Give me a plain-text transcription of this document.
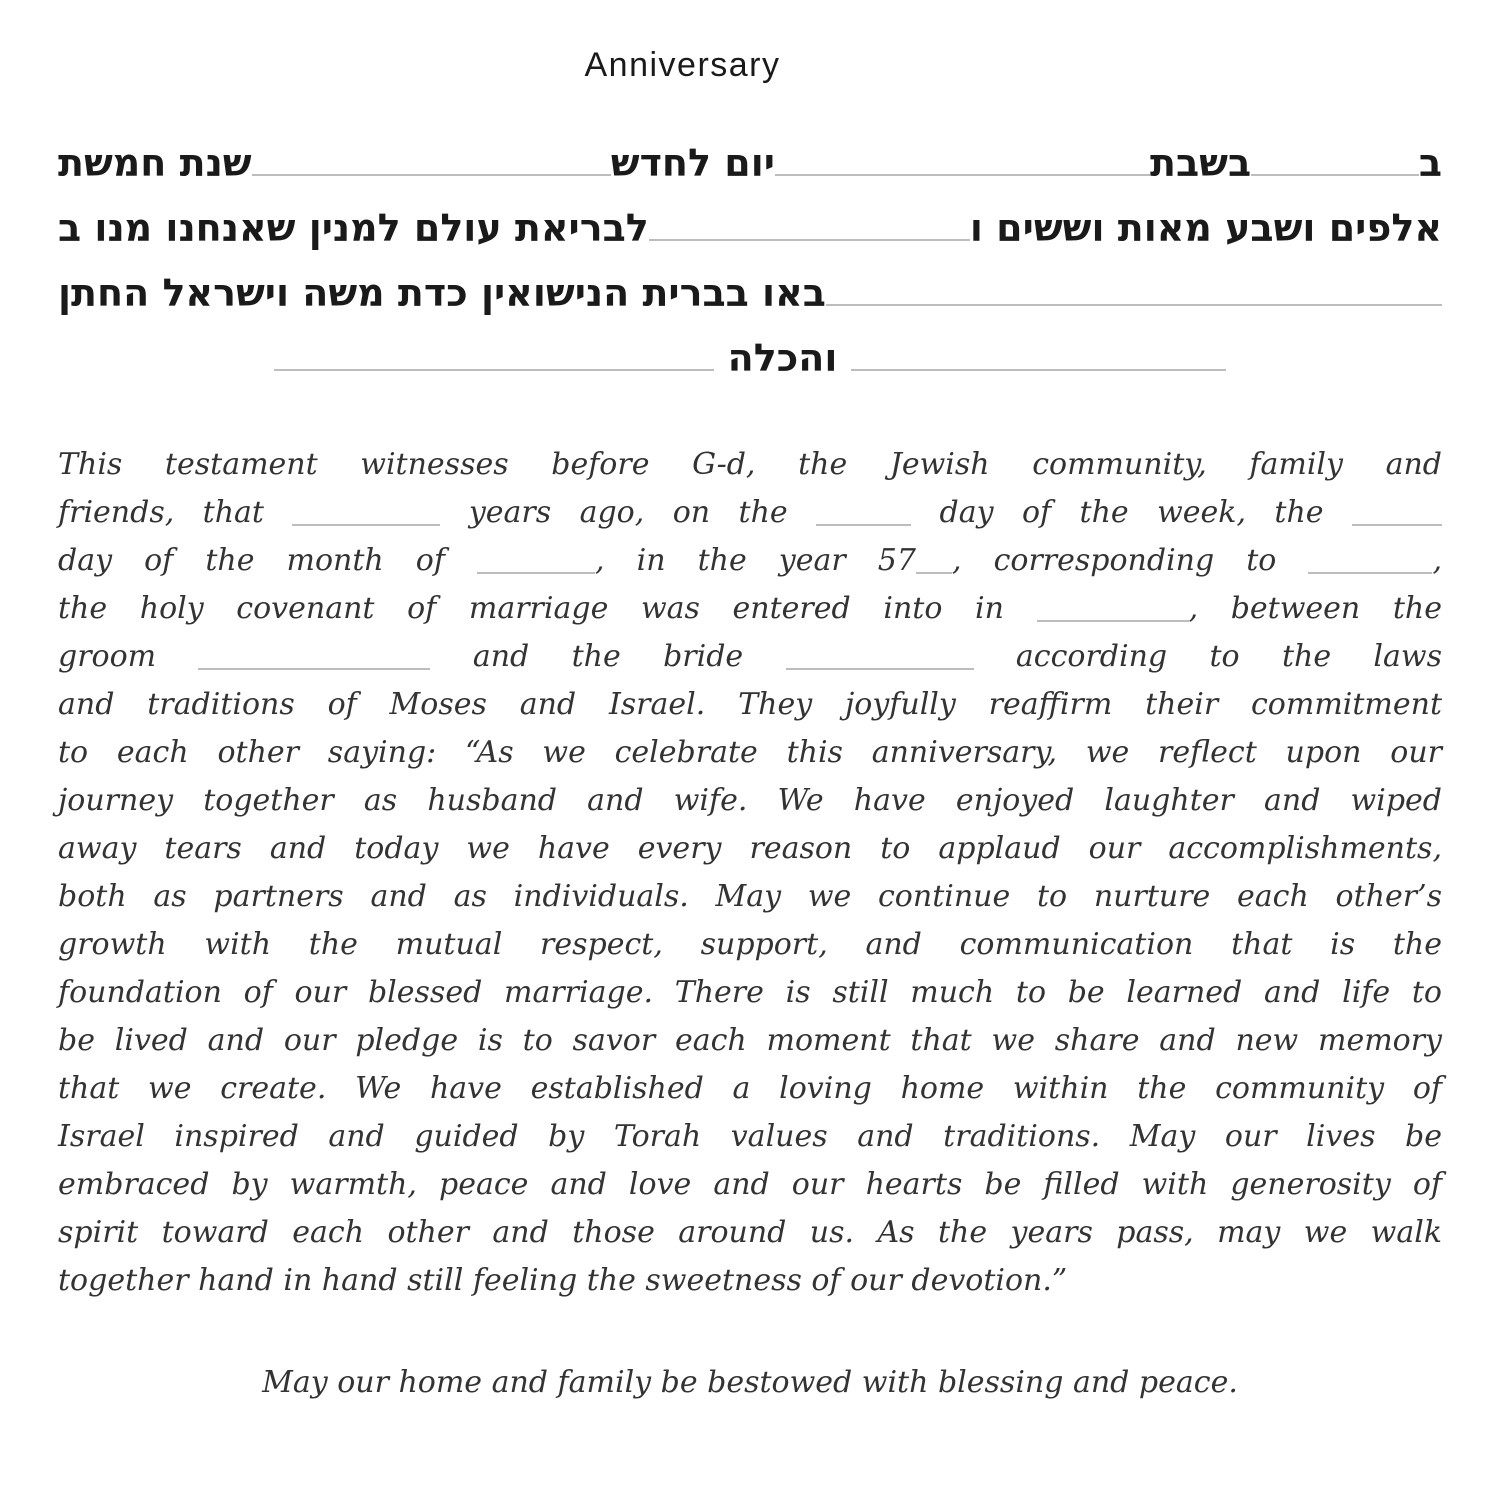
Anniversary
ב
בשבת
יום לחדש
שנת חמשת
אלפים ושבע מאות וששים ו
לבריאת עולם למנין שאנחנו מנו ב
באו בברית הנישואין כדת משה וישראל החתן
והכלה
This testament witnesses before G-d, the Jewish community, family and
friends, that	years ago, on the	day of the week, the
day of the month of	, in the year 57 , corresponding to	,
the holy covenant of marriage was entered into in	, between the
groom	and the bride	according to the laws
and traditions of Moses and Israel. They joyfully reaffirm their commitment
to each other saying: “As we celebrate this anniversary, we reflect upon our
journey together as husband and wife. We have enjoyed laughter and wiped
away tears and today we have every reason to applaud our accomplishments,
both as partners and as individuals. May we continue to nurture each other’s
growth with the mutual respect, support, and communication that is the
foundation of our blessed marriage. There is still much to be learned and life to
be lived and our pledge is to savor each moment that we share and new memory
that we create. We have established a loving home within the community of
Israel inspired and guided by Torah values and traditions. May our lives be
embraced by warmth, peace and love and our hearts be filled with generosity of
spirit toward each other and those around us. As the years pass, may we walk
together hand in hand still feeling the sweetness of our devotion.”
May our home and family be bestowed with blessing and peace.
